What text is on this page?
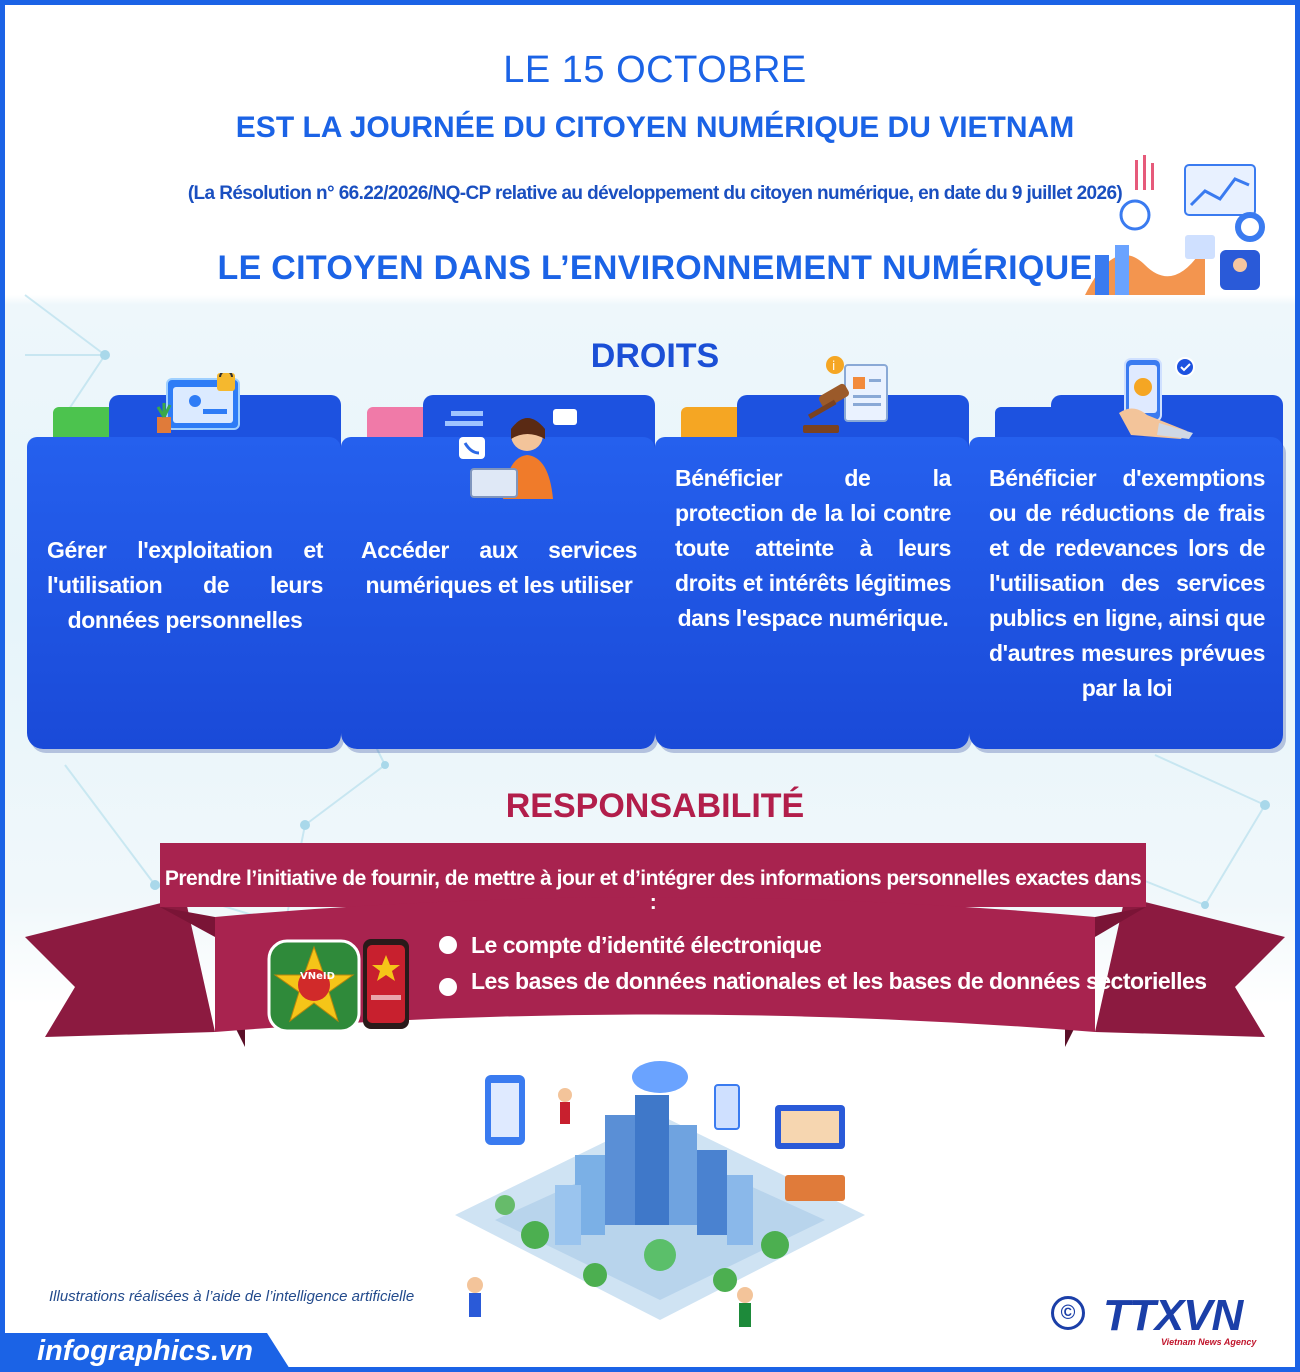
LE 15 OCTOBRE
EST LA JOURNÉE DU CITOYEN NUMÉRIQUE DU VIETNAM
(La Résolution n° 66.22/2026/NQ-CP relative au développement du citoyen numérique, en date du 9 juillet 2026)
LE CITOYEN DANS L’ENVIRONNEMENT NUMÉRIQUE
DROITS
Gérer l'exploitation et l'utilisation de leurs données personnelles
Accéder aux services numériques et les utiliser
i
Bénéficier de la protection de la loi contre toute atteinte à leurs droits et intérêts légitimes dans l'espace numérique.
Bénéficier d'exemptions ou de réductions de frais et de redevances lors de l'utilisation des services publics en ligne, ainsi que d'autres mesures prévues par la loi
RESPONSABILITÉ
Prendre l’initiative de fournir, de mettre à jour et d’intégrer des informations personnelles exactes dans :
VNeID
Le compte d’identité électronique
Les bases de données nationales et les bases de données sectorielles
Illustrations réalisées à l’aide de l’intelligence artificielle
infographics.vn
© TTXVN
Vietnam News Agency
